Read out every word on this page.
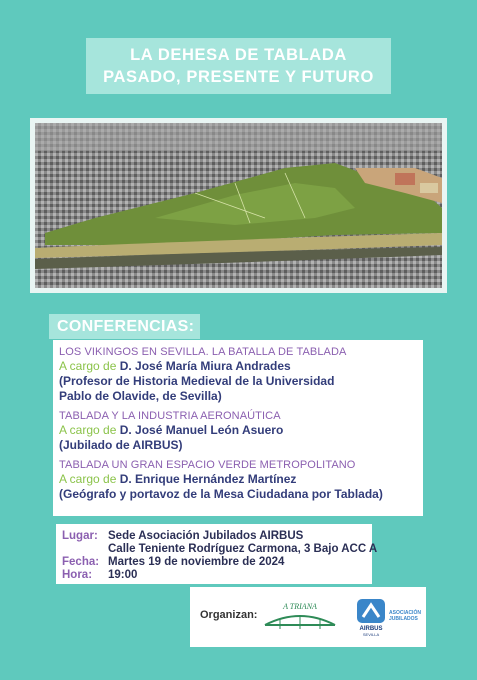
LA DEHESA DE TABLADA
PASADO, PRESENTE Y FUTURO
CONFERENCIAS:
LOS VIKINGOS EN SEVILLA. LA BATALLA DE TABLADA
A cargo de D. José María Miura Andrades
(Profesor de Historia Medieval de la Universidad
Pablo de Olavide, de Sevilla)
TABLADA Y LA INDUSTRIA AERONAÚTICA
A cargo de D. José Manuel León Asuero
(Jubilado de AIRBUS)
TABLADA UN GRAN ESPACIO VERDE METROPOLITANO
A cargo de D. Enrique Hernández Martínez
(Geógrafo y portavoz de la Mesa Ciudadana por Tablada)
Lugar: Sede Asociación Jubilados AIRBUS
Calle Teniente Rodríguez Carmona, 3 Bajo ACC A
Fecha: Martes 19 de noviembre de 2024
Hora: 19:00
Organizan:
A TRIANA
AIRBUS
SEVILLA
ASOCIACIÓN JUBILADOS
